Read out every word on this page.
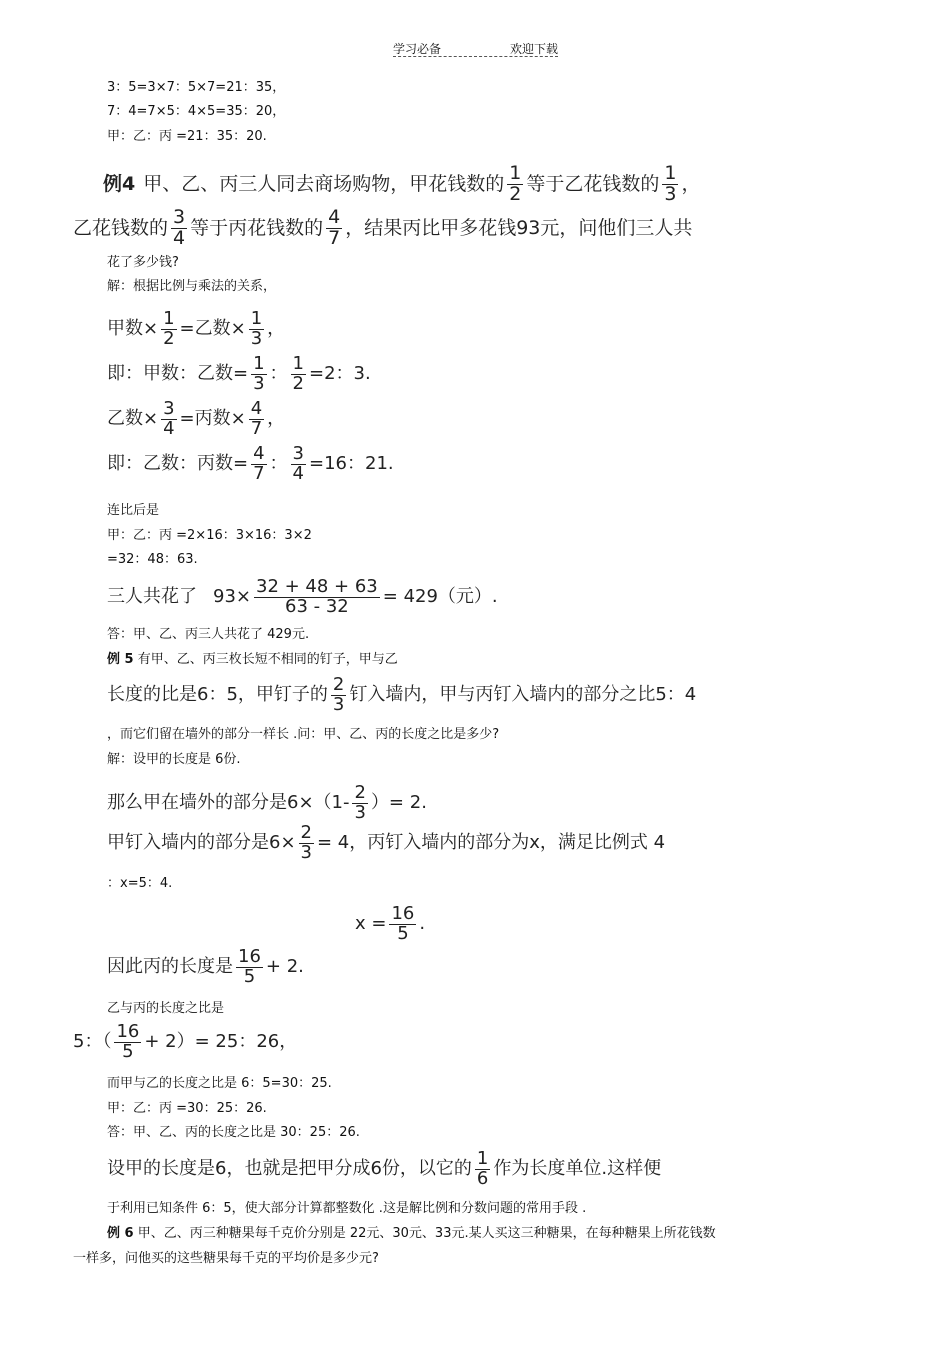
学习必备	欢迎下载
3：5=3×7：5×7=21：35，
7：4=7×5：4×5=35：20，
甲：乙：丙 =21：35：20.
例4 甲、乙、丙三人同去商场购物，甲花钱数的 $\frac{1}{2}$ 等于乙花钱数的 $\frac{1}{3}$ ，
乙花钱数的 $\frac{3}{4}$ 等于丙花钱数的 $\frac{4}{7}$ ，结果丙比甲多花钱93元，问他们三人共
花了多少钱?
解：根据比例与乘法的关系，
甲数× $\frac{1}{2}$ =乙数× $\frac{1}{3}$ ，
即：甲数：乙数= $\frac{1}{3}$ ： $\frac{1}{2} =2$：3.
乙数× $\frac{3}{4}$ =丙数× $\frac{4}{7}$ ，
即：乙数：丙数= $\frac{4}{7}$ ： $\frac{3}{4} =16$：21.
连比后是
甲：乙：丙 =2×16：3×16：3×2
=32：48：63.
三人共花了 $93\times \frac{32 + 48 + 63}{63 - 32} = 429$（元）.
答：甲、乙、丙三人共花了 429元.
例 5 有甲、乙、丙三枚长短不相同的钉子，甲与乙
长度的比是6：5，甲钉子的 $\frac{2}{3}$ 钉入墙内，甲与丙钉入墙内的部分之比5：4
，而它们留在墙外的部分一样长 .问：甲、乙、丙的长度之比是多少?
解：设甲的长度是 6份.
那么甲在墙外的部分是$6\times(1- \frac{2}{3}$ ）= 2.
甲钉入墙内的部分是$6\times \frac{2}{3} = 4$，丙钉入墙内的部分为x，满足比例式 4
：x=5：4.
$x = \frac{16}{5}$ .
因此丙的长度是 $\frac{16}{5} + 2$.
乙与丙的长度之比是
5：（ $\frac{16}{5} + 2)= 25$：26，
而甲与乙的长度之比是 6：5=30：25.
甲：乙：丙 =30：25：26.
答：甲、乙、丙的长度之比是 30：25：26.
设甲的长度是6，也就是把甲分成6份，以它的 $\frac{1}{6}$ 作为长度单位.这样便
于利用已知条件 6：5，使大部分计算都整数化 .这是解比例和分数问题的常用手段 .
例 6 甲、乙、丙三种糖果每千克价分别是 22元、30元、33元.某人买这三种糖果，在每种糖果上所花钱数
一样多，问他买的这些糖果每千克的平均价是多少元?
